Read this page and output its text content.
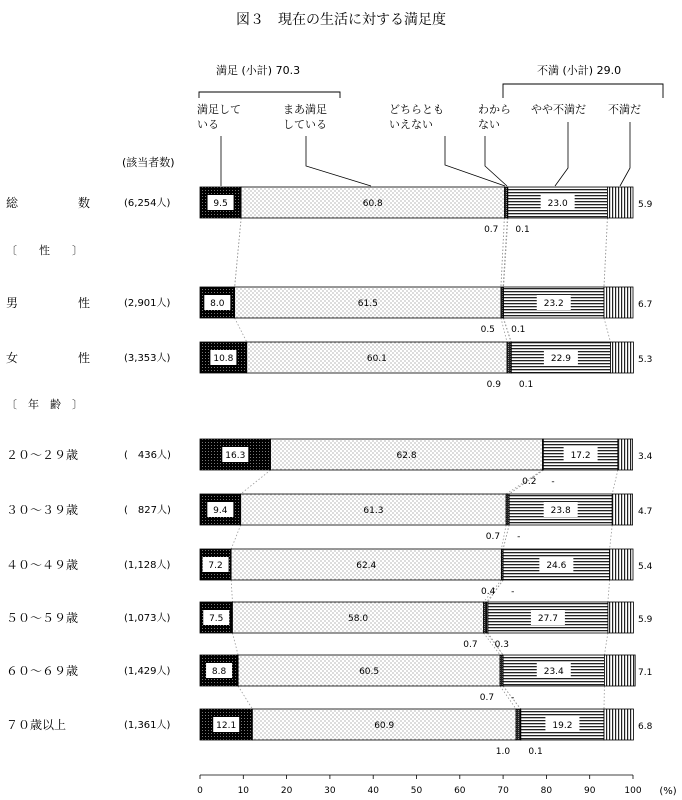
図３　現在の生活に対する満足度
(該当者数)
満足 (小計) 70.3	不満 (小計) 29.0
(%)
〔　　性　　〕
〔　年　齢　〕
総　　　　　数	(6,254人)	9.5	60.8	23.0	5.9
0.7 0.1
男　　　　　性	(2,901人)	8.0	61.5	23.2	6.7
0.5 0.1
女　　　　　性	(3,353人)	10.8	60.1	22.9	5.3
0.9 0.1
２０～２９歳	(　436人)	16.3	62.8	17.2	3.4
0.2 -
３０～３９歳	(　827人)	9.4	61.3	23.8	4.7
0.7 -
４０～４９歳	(1,128人)	7.2	62.4	24.6	5.4
0.4 -
５０～５９歳	(1,073人)	7.5	58.0	27.7	5.9
0.7 0.3
６０～６９歳	(1,429人)	8.8	60.5	23.4	7.1
0.7 -
７０歳以上	(1,361人)	12.1	60.9	19.2	6.8
1.0 0.1
満足して
いる
まあ満足
している
どちらとも
いえない
わから
ない
やや不満だ 不満だ
0	10	20	30	40	50	60	70	80	90	100
